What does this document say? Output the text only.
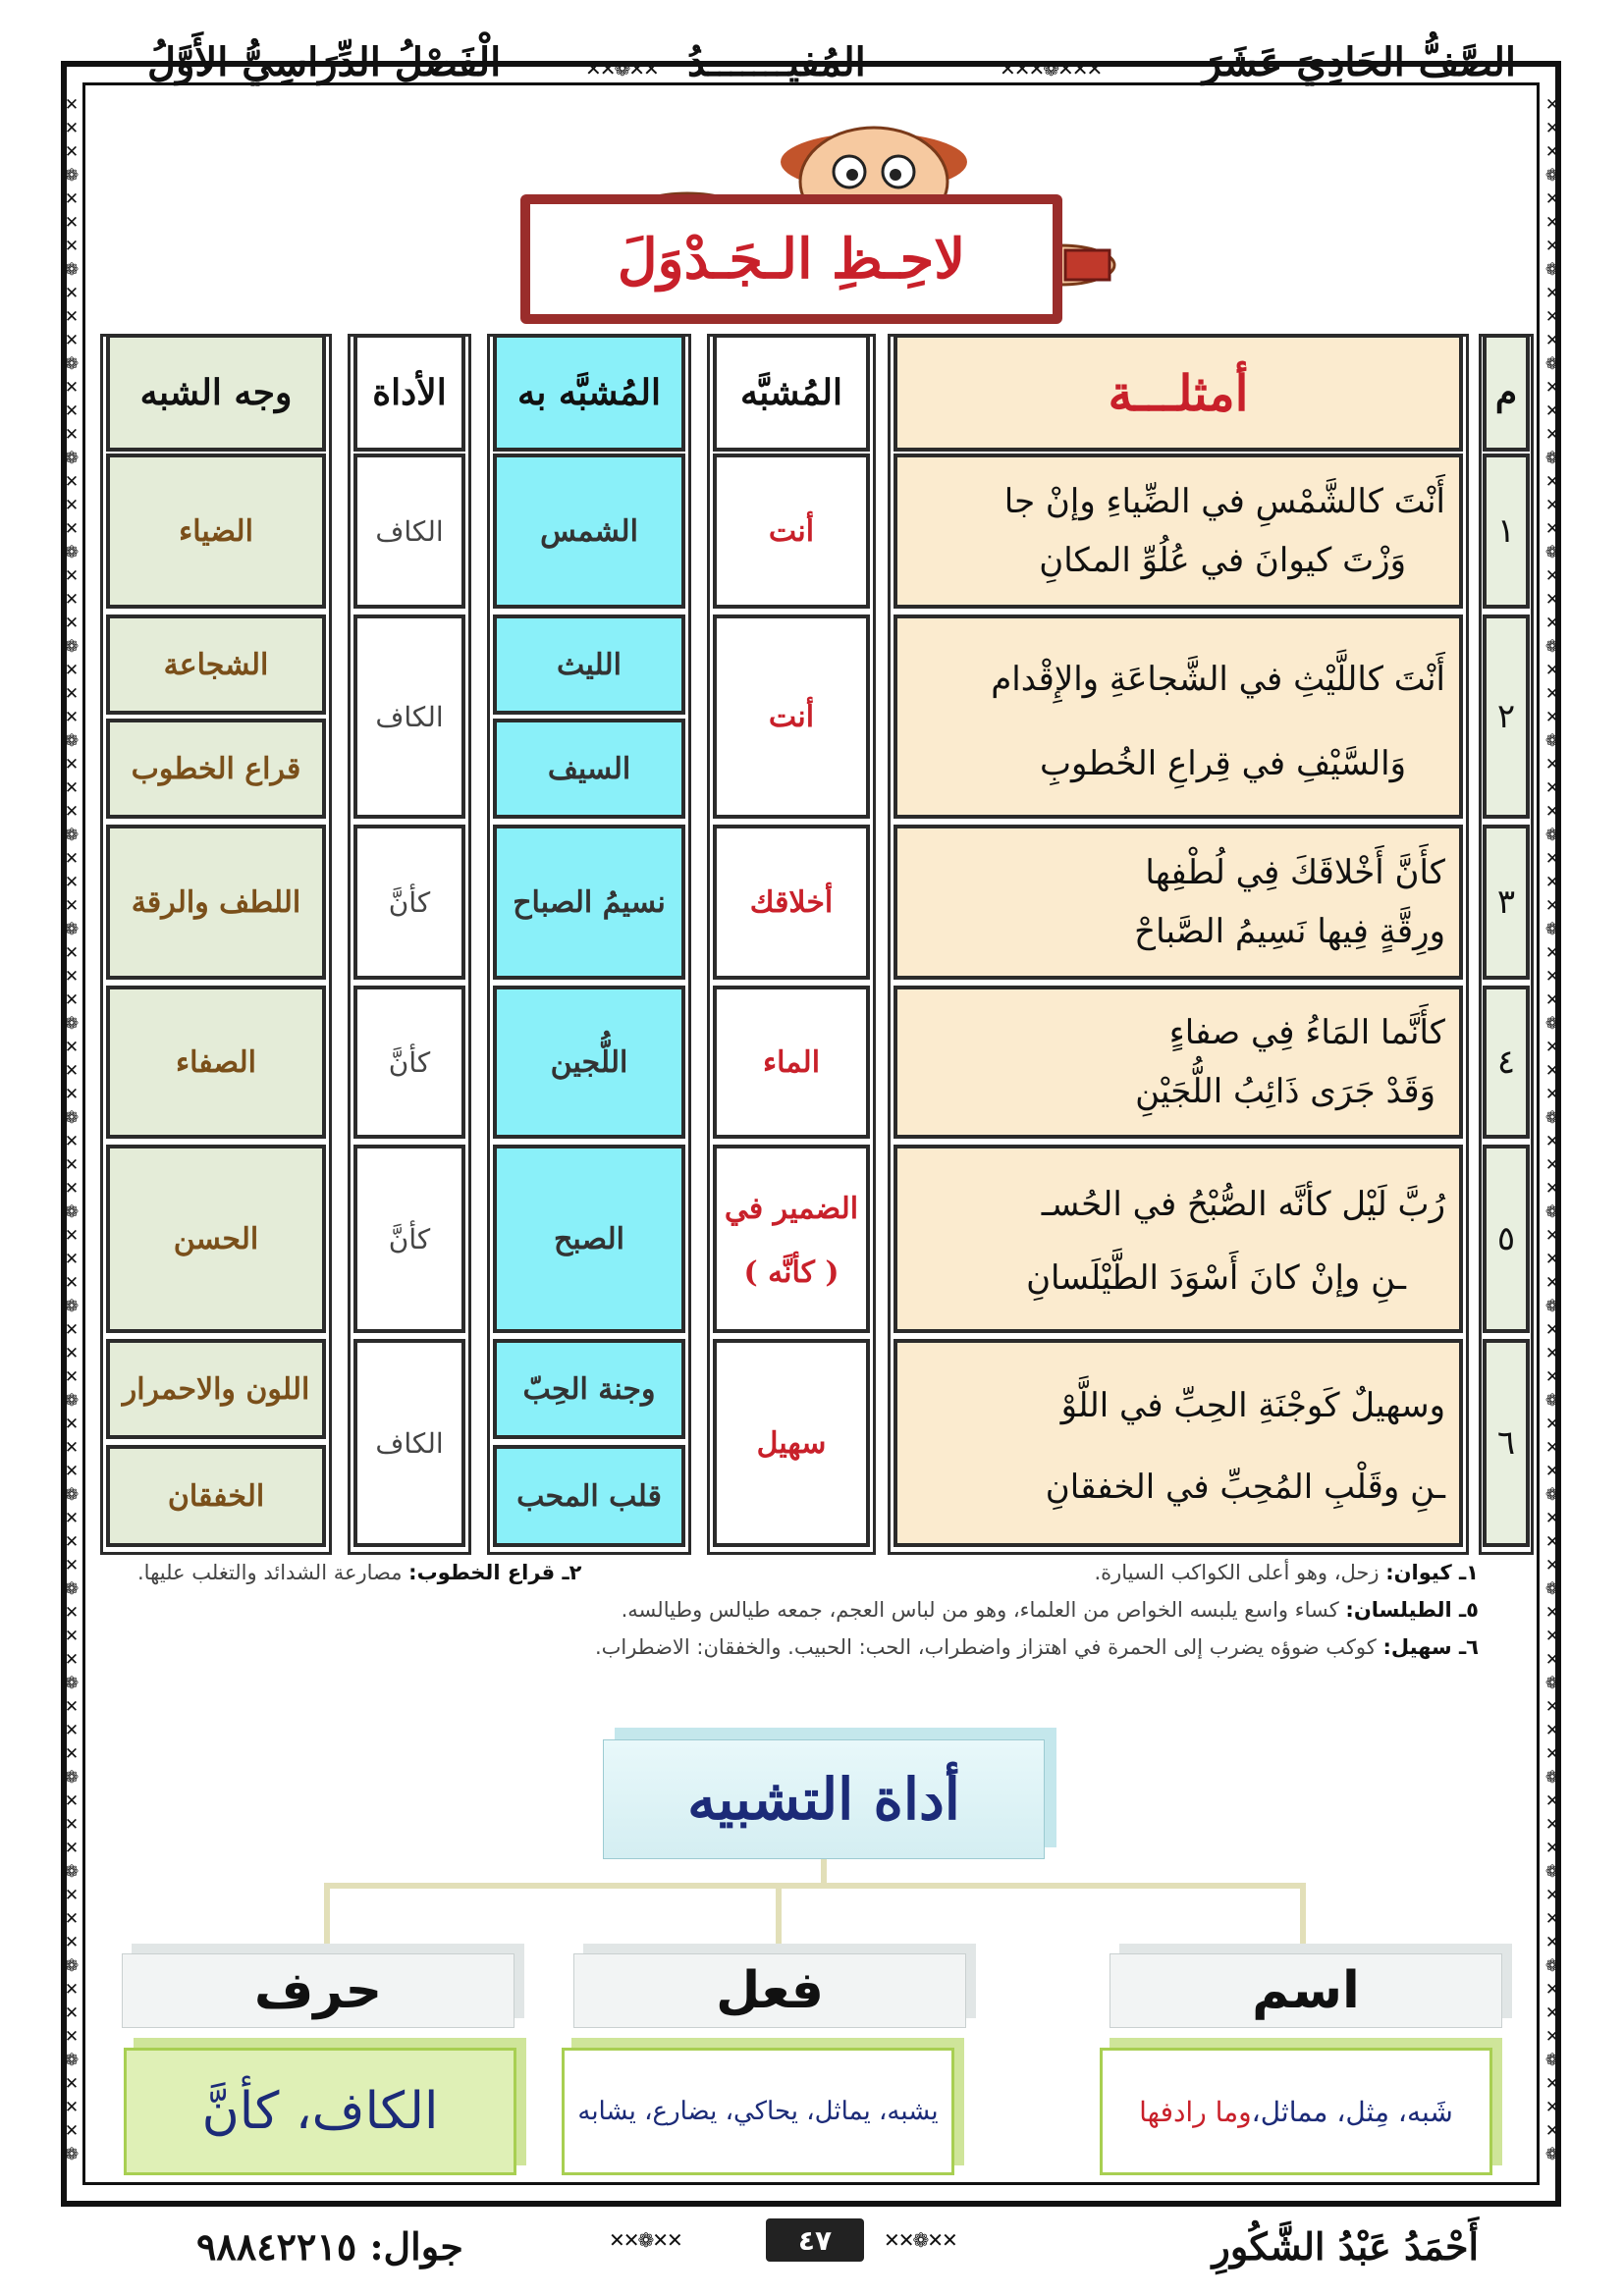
✕
✕
✕
❁
✕
✕
✕
❁
✕
✕
✕
❁
✕
✕
✕
❁
✕
✕
✕
❁
✕
✕
✕
❁
✕
✕
✕
❁
✕
✕
✕
❁
✕
✕
✕
❁
✕
✕
✕
❁
✕
✕
✕
❁
✕
✕
✕
❁
✕
✕
✕
❁
✕
✕
✕
❁
✕
✕
✕
❁
✕
✕
✕
❁
✕
✕
✕
❁
✕
✕
✕
❁
✕
✕
✕
❁
✕
✕
✕
❁
✕
✕
✕
❁
✕
✕
✕
❁
✕
✕
✕
❁
✕
✕
✕
❁
✕
✕
✕
❁
✕
✕
✕
❁
✕
✕
✕
❁
✕
✕
✕
❁
✕
✕
✕
❁
✕
✕
✕
❁
✕
✕
✕
❁
✕
✕
✕
❁
✕
✕
✕
❁
✕
✕
✕
❁
✕
✕
✕
❁
✕
✕
✕
❁
✕
✕
✕
❁
✕
✕
✕
❁
✕
✕
✕
❁
✕
✕
✕
❁
✕
✕
✕
❁
✕
✕
✕
❁
✕
✕
✕
❁
✕
✕
✕
❁
الصَّفُّ الحَادِيَ عَشَرَ
المُفيـــــــدُ
الْفَصْلُ الدِّرَاسِيُّ الأَوَّلُ	✕✕✕❁✕✕✕
✕✕❁✕✕
لاحِـظِ الـجَـدْوَلَ
م
أمثلـــة
المُشبَّه
المُشبَّه به
الأداة
وجه الشبه
١
أَنْتَ كالشَّمْسِ في الضِّياءِ وإنْ جا
وَزْتَ كيوانَ في عُلُوِّ المكانِ
أنت
الشمس
الكاف
الضياء
٢
أَنْتَ كاللَّيْثِ في الشَّجاعَةِ والإِقْدام
وَالسَّيْفِ في قِراعِ الخُطوبِ
أنت
الليث
السيف
الكاف
الشجاعة
قراع الخطوب
٣
كأَنَّ أَخْلاقَكَ فِي لُطْفِها
ورِقَّةٍ فِيها نَسِيمُ الصَّباحْ
أخلاقك
نسيمُ الصباح
كأنَّ
اللطف والرقة
٤
كأَنَّما المَاءُ فِي صفاءٍ
وَقَدْ جَرَى ذَائِبُ اللُّجَيْنِ
الماء
اللُّجين
كأنَّ
الصفاء
٥
رُبَّ لَيْل كأنَّه الصُّبْحُ في الحُسـ
ـنِ وإنْ كانَ أَسْوَدَ الطَّيْلَسانِ
الضمير في
( كأنَّه )
الصبح
كأنَّ
الحسن
٦
وسهيلٌ كَوجْنَةِ الحِبِّ في اللَّوْ
ـنِ وقَلْبِ المُحِبِّ في الخفقانِ
سهيل
وجنة الحِبّ
قلب المحب
الكاف
اللون والاحمرار
الخفقان
١ـ كيوان: زحل، وهو أعلى الكواكب السيارة.
٢ـ قراع الخطوب: مصارعة الشدائد والتغلب عليها.
٥ـ الطيلسان: كساء واسع يلبسه الخواص من العلماء، وهو من لباس العجم، جمعه طيالس وطيالسه.
٦ـ سهيل: كوكب ضوؤه يضرب إلى الحمرة في اهتزاز واضطراب، الحب: الحبيب. والخفقان: الاضطراب.
أداة التشبيه
اسم
فعل
حرف
شَبه، مِثل، مماثل،
وما رادفها
يشبه، يماثل، يحاكي، يضارع، يشابه
الكاف، كأنَّ
أَحْمَدُ عَبْدُ الشَّكُورِ
✕✕❁✕✕	✕✕❁✕✕
٤٧
جوال: ٩٨٨٤٢٢١٥
